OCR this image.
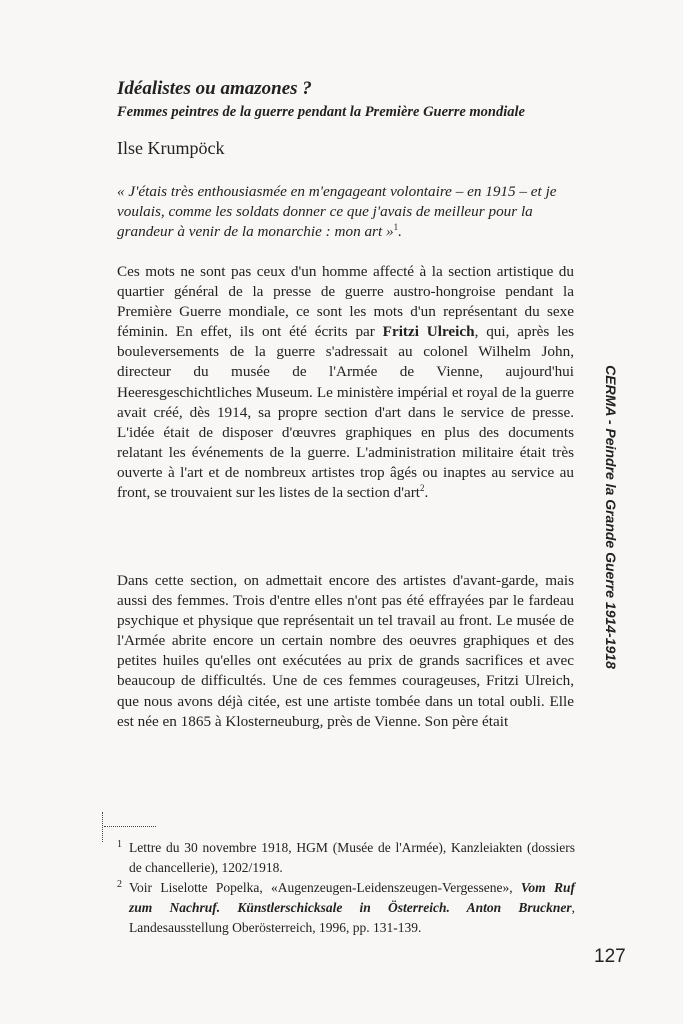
Idéalistes ou amazones ?
Femmes peintres de la guerre pendant la Première Guerre mondiale

Ilse Krumpöck

« J'étais très enthousiasmée en m'engageant volontaire – en 1915 – et je voulais, comme les soldats donner ce que j'avais de meilleur pour la grandeur à venir de la monarchie : mon art »$^1$.

Ces mots ne sont pas ceux d'un homme affecté à la section artistique du quartier général de la presse de guerre austro-hongroise pendant la Première Guerre mondiale, ce sont les mots d'un représentant du sexe féminin. En effet, ils ont été écrits par Fritzi Ulreich, qui, après les bouleversements de la guerre s'adressait au colonel Wilhelm John, directeur du musée de l'Armée de Vienne, aujourd'hui Heeresgeschichtliches Museum. Le ministère impérial et royal de la guerre avait créé, dès 1914, sa propre section d'art dans le service de presse. L'idée était de disposer d'œuvres graphiques en plus des documents relatant les événements de la guerre. L'administration militaire était très ouverte à l'art et de nombreux artistes trop âgés ou inaptes au service au front, se trouvaient sur les listes de la section d'art$^2$.

Dans cette section, on admettait encore des artistes d'avant-garde, mais aussi des femmes. Trois d'entre elles n'ont pas été effrayées par le fardeau psychique et physique que représentait un tel travail au front. Le musée de l'Armée abrite encore un certain nombre des oeuvres graphiques et des petites huiles qu'elles ont exécutées au prix de grands sacrifices et avec beaucoup de difficultés. Une de ces femmes courageuses, Fritzi Ulreich, que nous avons déjà citée, est une artiste tombée dans un total oubli. Elle est née en 1865 à Klosterneuburg, près de Vienne. Son père était

CERMA - Peindre la Grande Guerre 1914-1918

1 Lettre du 30 novembre 1918, HGM (Musée de l'Armée), Kanzleiakten (dossiers de chancellerie), 1202/1918.

2 Voir Liselotte Popelka, «Augenzeugen-Leidenszeugen-Vergessene», Vom Ruf zum Nachruf. Künstlerschicksale in Österreich. Anton Bruckner, Landesausstellung Oberösterreich, 1996, pp. 131-139.

127
